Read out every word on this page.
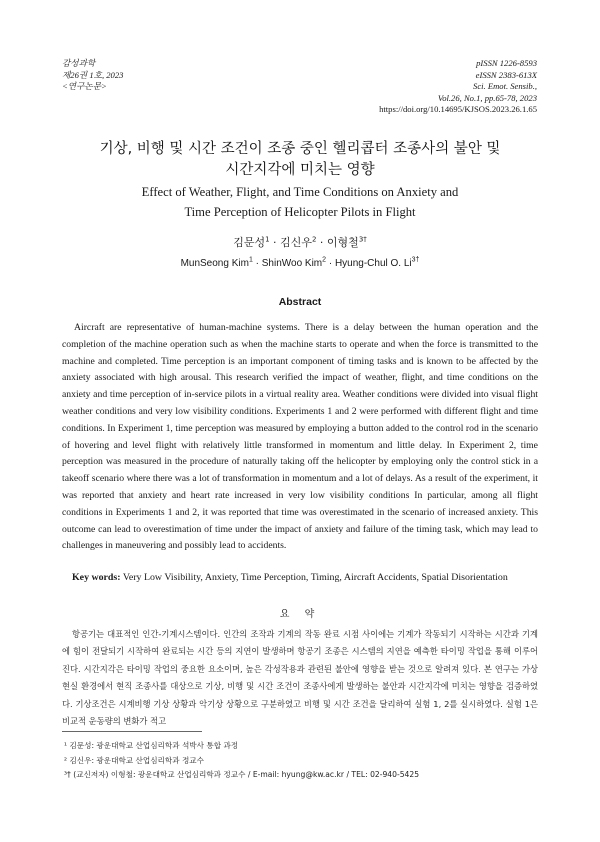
감성과학
제26권 1호, 2023
<연구논문>
pISSN 1226-8593
eISSN 2383-613X
Sci. Emot. Sensib.,
Vol.26, No.1, pp.65-78, 2023
https://doi.org/10.14695/KJSOS.2023.26.1.65
기상, 비행 및 시간 조건이 조종 중인 헬리콥터 조종사의 불안 및
시간지각에 미치는 영향
Effect of Weather, Flight, and Time Conditions on Anxiety and
Time Perception of Helicopter Pilots in Flight
김문성$^1$ · 김신우$^2$ · 이형철$^{3\dagger}$
MunSeong Kim$^1$ · ShinWoo Kim$^2$ · Hyung-Chul O. $Li^{3\dagger}$
Abstract

Aircraft are representative of human-machine systems. There is a delay between the human operation and the completion of the machine operation such as when the machine starts to operate and when the force is transmitted to the machine and completed. Time perception is an important component of timing tasks and is known to be affected by the anxiety associated with high arousal. This research verified the impact of weather, flight, and time conditions on the anxiety and time perception of in-service pilots in a virtual reality area. Weather conditions were divided into visual flight weather conditions and very low visibility conditions. Experiments 1 and 2 were performed with different flight and time conditions. In Experiment 1, time perception was measured by employing a button added to the control rod in the scenario of hovering and level flight with relatively little transformed in momentum and little delay. In Experiment 2, time perception was measured in the procedure of naturally taking off the helicopter by employing only the control stick in a takeoff scenario where there was a lot of transformation in momentum and a lot of delays. As a result of the experiment, it was reported that anxiety and heart rate increased in very low visibility conditions In particular, among all flight conditions in Experiments 1 and 2, it was reported that time was overestimated in the scenario of increased anxiety. This outcome can lead to overestimation of time under the impact of anxiety and failure of the timing task, which may lead to challenges in maneuvering and possibly lead to accidents.

Key words: Very Low Visibility, Anxiety, Time Perception, Timing, Aircraft Accidents, Spatial Disorientation
요 약

항공기는 대표적인 인간-기계시스템이다. 인간의 조작과 기계의 작동 완료 시점 사이에는 기계가 작동되기 시작하는 시간과 기계에 힘이 전달되기 시작하여 완료되는 시간 등의 지연이 발생하며 항공기 조종은 시스템의 지연을 예측한 타이밍 작업을 통해 이루어진다. 시간지각은 타이밍 작업의 중요한 요소이며, 높은 각성작용과 관련된 불안에 영향을 받는 것으로 알려져 있다. 본 연구는 가상현실 환경에서 현직 조종사를 대상으로 기상, 비행 및 시간 조건이 조종사에게 발생하는 불안과 시간지각에 미치는 영향을 검증하였다. 기상조건은 시계비행 기상 상황과 악기상 상황으로 구분하였고 비행 및 시간 조건을 달리하여 실험 1, 2를 실시하였다. 실험 1은 비교적 운동량의 변화가 적고

¹ 김문성: 광운대학교 산업심리학과 석박사 통합 과정
² 김신우: 광운대학교 산업심리학과 정교수
³† (교신저자) 이형철: 광운대학교 산업심리학과 정교수 / E-mail: hyung@kw.ac.kr / TEL: 02-940-5425
